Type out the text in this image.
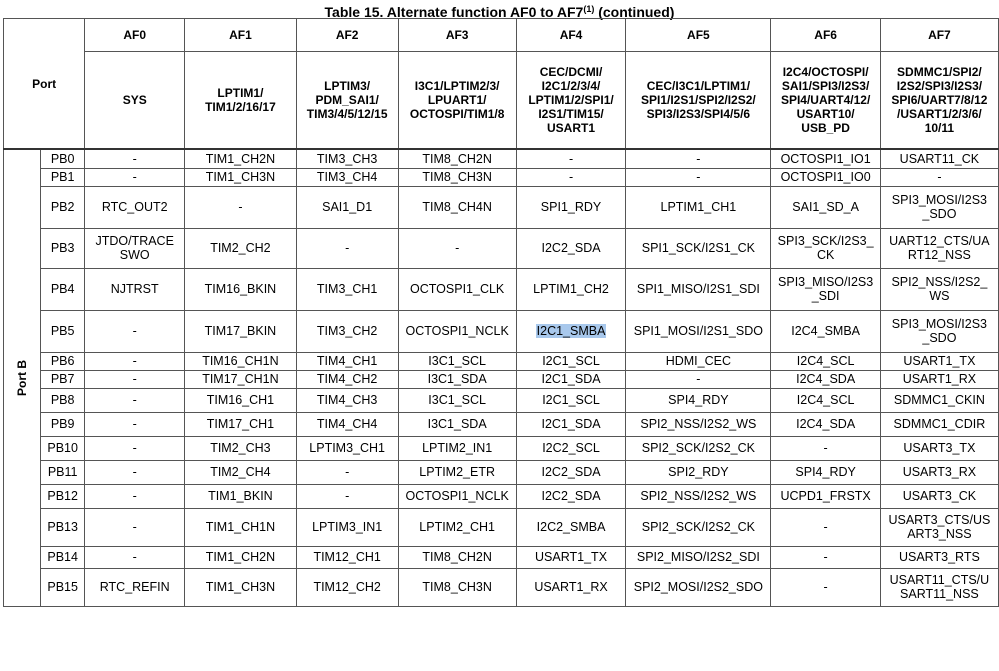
Table 15. Alternate function AF0 to AF7$^{(1)}$ (continued)
Port		AF0	AF1	AF2	AF3	AF4	AF5	AF6	AF7
		SYS	LPTIM1/
TIM1/2/16/17	LPTIM3/
PDM_SAI1/
TIM3/4/5/12/15	I3C1/LPTIM2/3/
LPUART1/
OCTOSPI/TIM1/8	CEC/DCMI/
I2C1/2/3/4/
LPTIM1/2/SPI1/
I2S1/TIM15/
USART1	CEC/I3C1/LPTIM1/
SPI1/I2S1/SPI2/I2S2/
SPI3/I2S3/SPI4/5/6	I2C4/OCTOSPI/
SAI1/SPI3/I2S3/
SPI4/UART4/12/
USART10/
USB_PD	SDMMC1/SPI2/
I2S2/SPI3/I2S3/
SPI6/UART7/8/12
/USART1/2/3/6/
10/11
Port B	PB0	-	TIM1_CH2N	TIM3_CH3	TIM8_CH2N	-	-	OCTOSPI1_IO1	USART11_CK
	PB1	-	TIM1_CH3N	TIM3_CH4	TIM8_CH3N	-	-	OCTOSPI1_IO0	-
	PB2	RTC_OUT2	-	SAI1_D1	TIM8_CH4N	SPI1_RDY	LPTIM1_CH1	SAI1_SD_A	SPI3_MOSI/I2S3
_SDO
	PB3	JTDO/TRACE
SWO	TIM2_CH2	-	-	I2C2_SDA	SPI1_SCK/I2S1_CK	SPI3_SCK/I2S3_
CK	UART12_CTS/UA
RT12_NSS
	PB4	NJTRST	TIM16_BKIN	TIM3_CH1	OCTOSPI1_CLK	LPTIM1_CH2	SPI1_MISO/I2S1_SDI	SPI3_MISO/I2S3
_SDI	SPI2_NSS/I2S2_
WS
	PB5	-	TIM17_BKIN	TIM3_CH2	OCTOSPI1_NCLK	I2C1_SMBA	SPI1_MOSI/I2S1_SDO	I2C4_SMBA	SPI3_MOSI/I2S3
_SDO
	PB6	-	TIM16_CH1N	TIM4_CH1	I3C1_SCL	I2C1_SCL	HDMI_CEC	I2C4_SCL	USART1_TX
	PB7	-	TIM17_CH1N	TIM4_CH2	I3C1_SDA	I2C1_SDA	-	I2C4_SDA	USART1_RX
	PB8	-	TIM16_CH1	TIM4_CH3	I3C1_SCL	I2C1_SCL	SPI4_RDY	I2C4_SCL	SDMMC1_CKIN
	PB9	-	TIM17_CH1	TIM4_CH4	I3C1_SDA	I2C1_SDA	SPI2_NSS/I2S2_WS	I2C4_SDA	SDMMC1_CDIR
	PB10	-	TIM2_CH3	LPTIM3_CH1	LPTIM2_IN1	I2C2_SCL	SPI2_SCK/I2S2_CK	-	USART3_TX
	PB11	-	TIM2_CH4	-	LPTIM2_ETR	I2C2_SDA	SPI2_RDY	SPI4_RDY	USART3_RX
	PB12	-	TIM1_BKIN	-	OCTOSPI1_NCLK	I2C2_SDA	SPI2_NSS/I2S2_WS	UCPD1_FRSTX	USART3_CK
	PB13	-	TIM1_CH1N	LPTIM3_IN1	LPTIM2_CH1	I2C2_SMBA	SPI2_SCK/I2S2_CK	-	USART3_CTS/US
ART3_NSS
	PB14	-	TIM1_CH2N	TIM12_CH1	TIM8_CH2N	USART1_TX	SPI2_MISO/I2S2_SDI	-	USART3_RTS
	PB15	RTC_REFIN	TIM1_CH3N	TIM12_CH2	TIM8_CH3N	USART1_RX	SPI2_MOSI/I2S2_SDO	-	USART11_CTS/U
SART11_NSS
